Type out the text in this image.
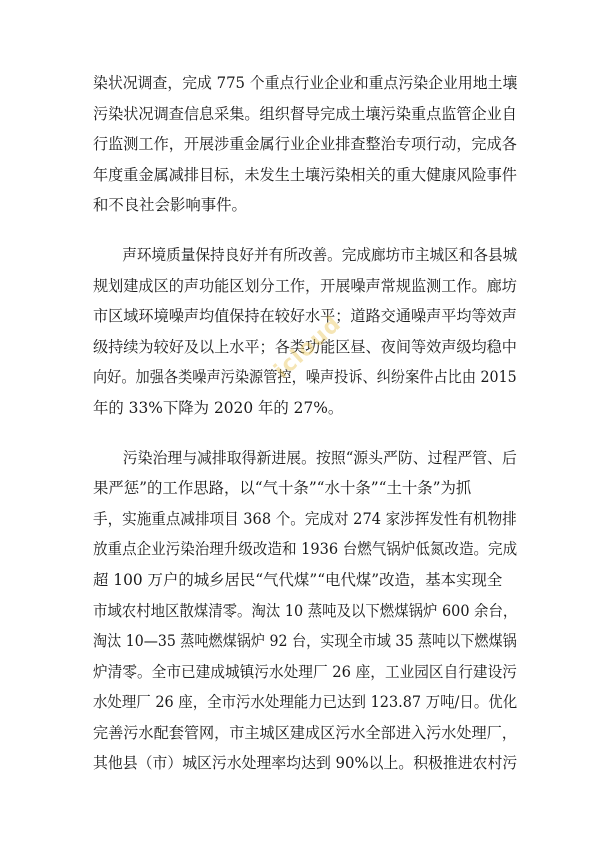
染状况调查，完成 775 个重点行业企业和重点污染企业用地土壤
污染状况调查信息采集。组织督导完成土壤污染重点监管企业自
行监测工作，开展涉重金属行业企业排查整治专项行动，完成各
年度重金属减排目标，未发生土壤污染相关的重大健康风险事件
和不良社会影响事件。
　　声环境质量保持良好并有所改善。完成廊坊市主城区和各县城
规划建成区的声功能区划分工作，开展噪声常规监测工作。廊坊
市区域环境噪声均值保持在较好水平；道路交通噪声平均等效声
级持续为较好及以上水平；各类功能区昼、夜间等效声级均稳中
向好。加强各类噪声污染源管控，噪声投诉、纠纷案件占比由 2015
年的 33%下降为 2020 年的 27%。
　　污染治理与减排取得新进展。按照“源头严防、过程严管、后
果严惩”的工作思路，以“气十条”“水十条”“土十条”为抓
手，实施重点减排项目 368 个。完成对 274 家涉挥发性有机物排
放重点企业污染治理升级改造和 1936 台燃气锅炉低氮改造。完成
超 100 万户的城乡居民“气代煤”“电代煤”改造，基本实现全
市域农村地区散煤清零。淘汰 10 蒸吨及以下燃煤锅炉 600 余台，
淘汰 10—35 蒸吨燃煤锅炉 92 台，实现全市域 35 蒸吨以下燃煤锅
炉清零。全市已建成城镇污水处理厂 26 座，工业园区自行建设污
水处理厂 26 座，全市污水处理能力已达到 123.87 万吨/日。优化
完善污水配套管网，市主城区建成区污水全部进入污水处理厂，
其他县（市）城区污水处理率均达到 90%以上。积极推进农村污
icloud
